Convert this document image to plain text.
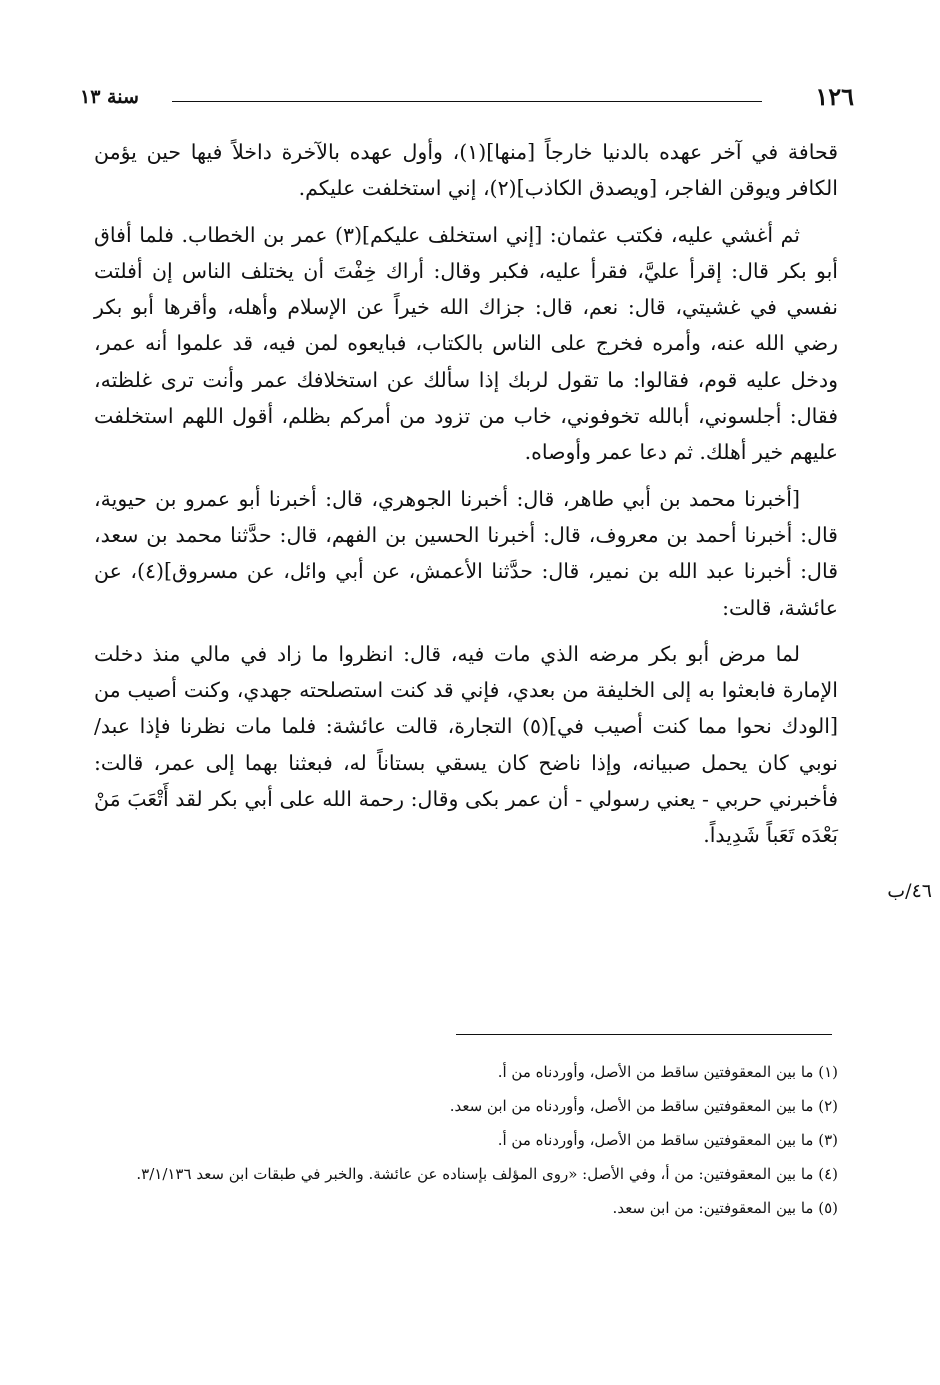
سنة ١٣	١٢٦

قحافة في آخر عهده بالدنيا خارجاً [منها](١)، وأول عهده بالآخرة داخلاً فيها حين يؤمن الكافر ويوقن الفاجر، [ويصدق الكاذب](٢)، إني استخلفت عليكم.

ثم أغشي عليه، فكتب عثمان: [إني استخلف عليكم](٣) عمر بن الخطاب. فلما أفاق أبو بكر قال: إقرأ عليَّ، فقرأ عليه، فكبر وقال: أراك خِفْتَ أن يختلف الناس إن أفلتت نفسي في غشيتي، قال: نعم، قال: جزاك الله خيراً عن الإسلام وأهله، وأقرها أبو بكر رضي الله عنه، وأمره فخرج على الناس بالكتاب، فبايعوه لمن فيه، قد علموا أنه عمر، ودخل عليه قوم، فقالوا: ما تقول لربك إذا سألك عن استخلافك عمر وأنت ترى غلظته، فقال: أجلسوني، أبالله تخوفوني، خاب من تزود من أمركم بظلم، أقول اللهم استخلفت عليهم خير أهلك. ثم دعا عمر وأوصاه.

[أخبرنا محمد بن أبي طاهر، قال: أخبرنا الجوهري، قال: أخبرنا أبو عمرو بن حيوية، قال: أخبرنا أحمد بن معروف، قال: أخبرنا الحسين بن الفهم، قال: حدَّثنا محمد بن سعد، قال: أخبرنا عبد الله بن نمير، قال: حدَّثنا الأعمش، عن أبي وائل، عن مسروق](٤)، عن عائشة، قالت:

لما مرض أبو بكر مرضه الذي مات فيه، قال: انظروا ما زاد في مالي منذ دخلت الإمارة فابعثوا به إلى الخليفة من بعدي، فإني قد كنت استصلحته جهدي، وكنت أصيب من [الودك نحوا مما كنت أصيب في](٥) التجارة، قالت عائشة: فلما مات نظرنا فإذا عبد/ نوبي كان يحمل صبيانه، وإذا ناضح كان يسقي بستاناً له، فبعثنا بهما إلى عمر، قالت: فأخبرني حربي - يعني رسولي - أن عمر بكى وقال: رحمة الله على أبي بكر لقد أَتْعَبَ مَنْ بَعْدَه تَعَباً شَدِيداً.

٤٦/ب

(١) ما بين المعقوفتين ساقط من الأصل، وأوردناه من أ.

(٢) ما بين المعقوفتين ساقط من الأصل، وأوردناه من ابن سعد.

(٣) ما بين المعقوفتين ساقط من الأصل، وأوردناه من أ.

(٤) ما بين المعقوفتين: من أ، وفي الأصل: «روى المؤلف بإسناده عن عائشة. والخبر في طبقات ابن سعد ٣/١/١٣٦.

(٥) ما بين المعقوفتين: من ابن سعد.
